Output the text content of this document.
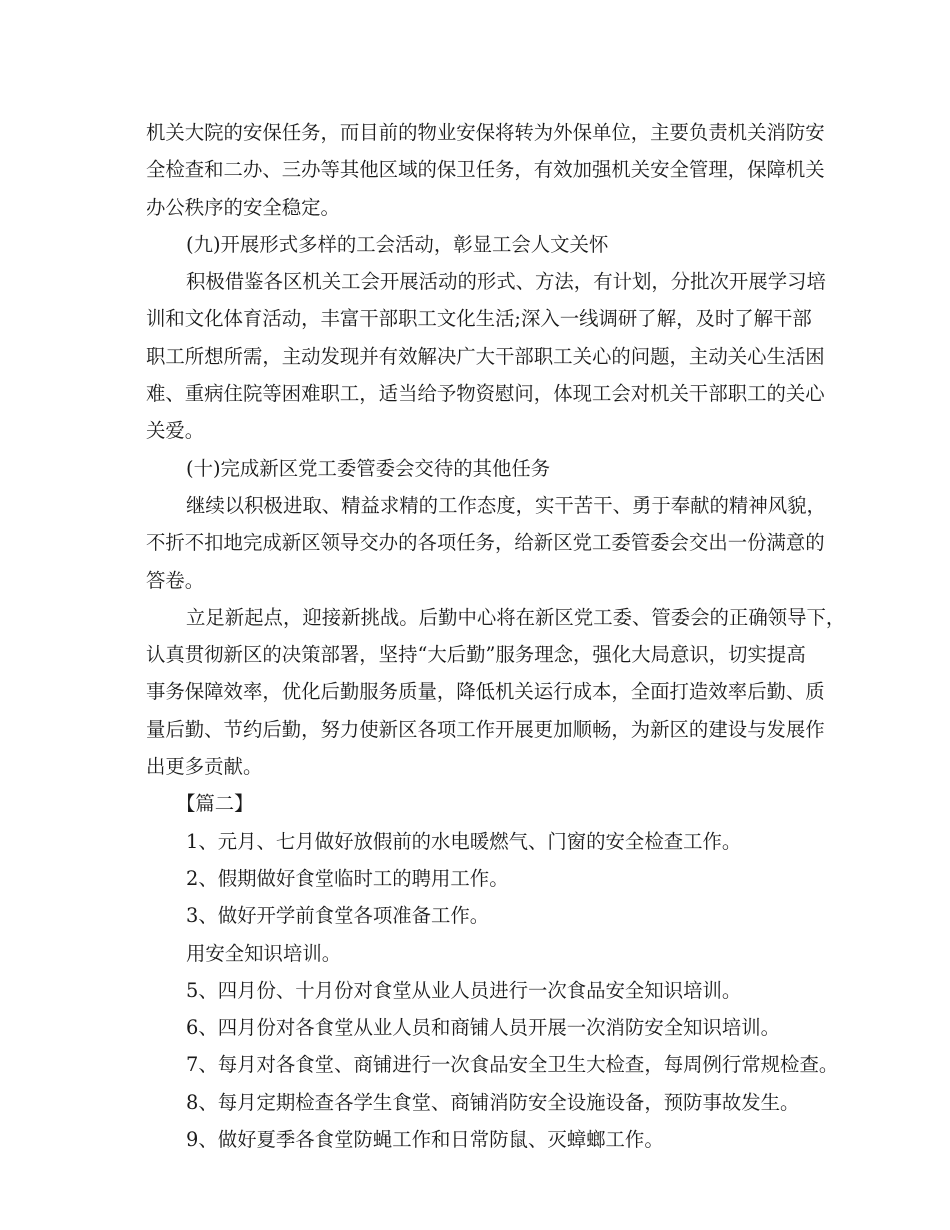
机关大院的安保任务，而目前的物业安保将转为外保单位，主要负责机关消防安
全检查和二办、三办等其他区域的保卫任务，有效加强机关安全管理，保障机关
办公秩序的安全稳定。
(九)开展形式多样的工会活动，彰显工会人文关怀
积极借鉴各区机关工会开展活动的形式、方法，有计划，分批次开展学习培
训和文化体育活动，丰富干部职工文化生活;深入一线调研了解，及时了解干部
职工所想所需，主动发现并有效解决广大干部职工关心的问题，主动关心生活困
难、重病住院等困难职工，适当给予物资慰问，体现工会对机关干部职工的关心
关爱。
(十)完成新区党工委管委会交待的其他任务
继续以积极进取、精益求精的工作态度，实干苦干、勇于奉献的精神风貌，
不折不扣地完成新区领导交办的各项任务，给新区党工委管委会交出一份满意的
答卷。
立足新起点，迎接新挑战。后勤中心将在新区党工委、管委会的正确领导下，
认真贯彻新区的决策部署，坚持“大后勤”服务理念，强化大局意识，切实提高
事务保障效率，优化后勤服务质量，降低机关运行成本，全面打造效率后勤、质
量后勤、节约后勤，努力使新区各项工作开展更加顺畅，为新区的建设与发展作
出更多贡献。
【篇二】
1、元月、七月做好放假前的水电暖燃气、门窗的安全检查工作。
2、假期做好食堂临时工的聘用工作。
3、做好开学前食堂各项准备工作。
用安全知识培训。
5、四月份、十月份对食堂从业人员进行一次食品安全知识培训。
6、四月份对各食堂从业人员和商铺人员开展一次消防安全知识培训。
7、每月对各食堂、商铺进行一次食品安全卫生大检查，每周例行常规检查。
8、每月定期检查各学生食堂、商铺消防安全设施设备，预防事故发生。
9、做好夏季各食堂防蝇工作和日常防鼠、灭蟑螂工作。
